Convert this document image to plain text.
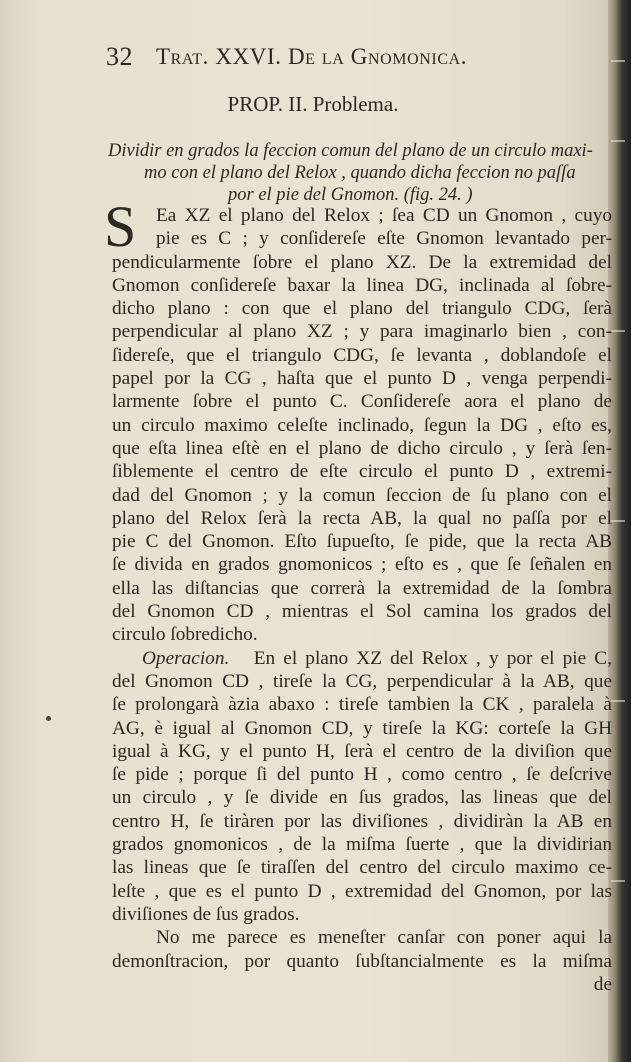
32 Trat. XXVI. De la Gnomonica.
PROP. II. Problema.
Dividir en grados la feccion comun del plano de un circulo maxi-
mo con el plano del Relox , quando dicha feccion no paſſa
por el pie del Gnomon. (fig. 24. )
S	Ea XZ el plano del Relox ; ſea CD un Gnomon , cuyo
pie es C ; y conſidereſe eſte Gnomon levantado per-
pendicularmente ſobre el plano XZ. De la extremidad del
Gnomon conſidereſe baxar la linea DG, inclinada al ſobre-
dicho plano : con que el plano del triangulo CDG, ſerà
perpendicular al plano XZ ; y para imaginarlo bien , con-
ſidereſe, que el triangulo CDG, ſe levanta , doblandoſe el
papel por la CG , haſta que el punto D , venga perpendi-
larmente ſobre el punto C. Conſidereſe aora el plano de
un circulo maximo celeſte inclinado, ſegun la DG , eſto es,
que eſta linea eſtè en el plano de dicho circulo , y ſerà ſen-
ſiblemente el centro de eſte circulo el punto D , extremi-
dad del Gnomon ; y la comun ſeccion de ſu plano con el
plano del Relox ſerà la recta AB, la qual no paſſa por el
pie C del Gnomon. Eſto ſupueſto, ſe pide, que la recta AB
ſe divida en grados gnomonicos ; eſto es , que ſe ſeñalen en
ella las diſtancias que correrà la extremidad de la ſombra
del Gnomon CD , mientras el Sol camina los grados del
circulo ſobredicho.
Operacion. En el plano XZ del Relox , y por el pie C,
del Gnomon CD , tireſe la CG, perpendicular à la AB, que
ſe prolongarà àzia abaxo : tireſe tambien la CK , paralela à
AG, è igual al Gnomon CD, y tireſe la KG: corteſe la GH
igual à KG, y el punto H, ſerà el centro de la diviſion que
ſe pide ; porque ſi del punto H , como centro , ſe deſcrive
un circulo , y ſe divide en ſus grados, las lineas que del
centro H, ſe tiràren por las diviſiones , dividiràn la AB en
grados gnomonicos , de la miſma ſuerte , que la dividirian
las lineas que ſe tiraſſen del centro del circulo maximo ce-
leſte , que es el punto D , extremidad del Gnomon, por las
diviſiones de ſus grados.
No me parece es meneſter canſar con poner aqui la
demonſtracion, por quanto ſubſtancialmente es la miſma
de
